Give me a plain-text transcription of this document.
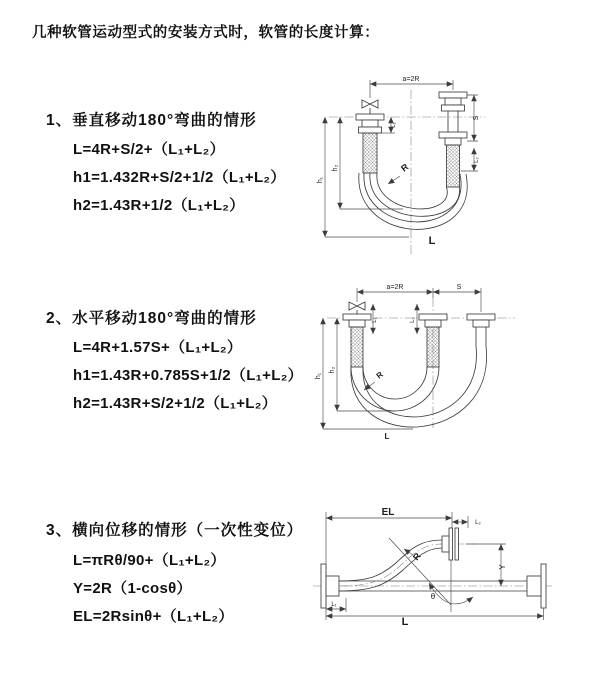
几种软管运动型式的安装方式时，软管的长度计算：
1、垂直移动180°弯曲的情形
L=4R+S/2+（L₁+L₂）
h1=1.432R+S/2+1/2（L₁+L₂）
h2=1.43R+1/2（L₁+L₂）
a=2R
h₁
h₂
L₁
S
L₂
R
L
2、水平移动180°弯曲的情形
L=4R+1.57S+（L₁+L₂）
h1=1.43R+0.785S+1/2（L₁+L₂）
h2=1.43R+S/2+1/2（L₁+L₂）
a=2R	S
h₁
h₂
L₁	L₂
R
L
3、横向位移的情形（一次性变位）
L=πRθ/90+（L₁+L₂）
Y=2R（1-cosθ）
EL=2Rsinθ+（L₁+L₂）
EL
L₂
Y
θ
R
L₁
L
